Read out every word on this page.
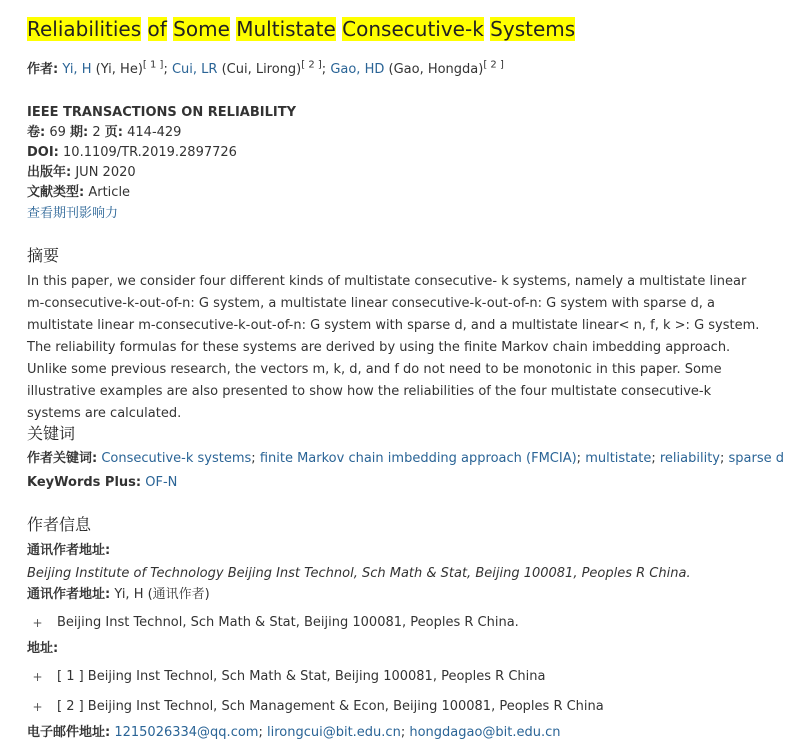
Reliabilities of Some Multistate Consecutive-k Systems
作者: Yi, H (Yi, He)[ 1 ]; Cui, LR (Cui, Lirong)[ 2 ]; Gao, HD (Gao, Hongda)[ 2 ]
IEEE TRANSACTIONS ON RELIABILITY
卷: 69 期: 2 页: 414-429
DOI: 10.1109/TR.2019.2897726
出版年: JUN 2020
文献类型: Article
查看期刊影响力
摘要
In this paper, we consider four different kinds of multistate consecutive- k systems, namely a multistate linear m-consecutive-k-out-of-n: G system, a multistate linear consecutive-k-out-of-n: G system with sparse d, a multistate linear m-consecutive-k-out-of-n: G system with sparse d, and a multistate linear< n, f, k >: G system. The reliability formulas for these systems are derived by using the finite Markov chain imbedding approach. Unlike some previous research, the vectors m, k, d, and f do not need to be monotonic in this paper. Some illustrative examples are also presented to show how the reliabilities of the four multistate consecutive-k systems are calculated.
关键词
作者关键词: Consecutive-k systems; finite Markov chain imbedding approach (FMCIA); multistate; reliability; sparse d
KeyWords Plus: OF-N
作者信息
通讯作者地址:
Beijing Institute of Technology Beijing Inst Technol, Sch Math & Stat, Beijing 100081, Peoples R China.
通讯作者地址: Yi, H (通讯作者)
+ Beijing Inst Technol, Sch Math & Stat, Beijing 100081, Peoples R China.
地址:
+ [ 1 ] Beijing Inst Technol, Sch Math & Stat, Beijing 100081, Peoples R China
+ [ 2 ] Beijing Inst Technol, Sch Management & Econ, Beijing 100081, Peoples R China
电子邮件地址: 1215026334@qq.com; lirongcui@bit.edu.cn; hongdagao@bit.edu.cn
